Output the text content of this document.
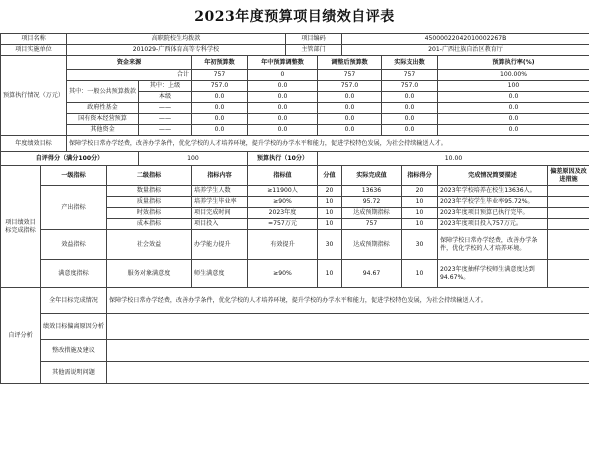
2023年度预算项目绩效自评表
项目名称		高职院校生均拨款					项目编码		45000022042010002267B				
项目实施单位		201029-广西体育高等专科学校					主管部门		201-广西壮族自治区教育厅				
预算执行情况（万元）		资金来源			年初预算数	年中预算调整数		调整后预算数		实际支出数		预算执行率(%)	
		合计			757	0		757		757		100.00%	
		其中：一般公共预算拨款		其中：上级	757.0	0.0		757.0		757.0		100	
				本级	0.0	0.0		0.0		0.0		0.0	
		政府性基金		——	0.0	0.0		0.0		0.0		0.0	
		国有资本经营预算		——	0.0	0.0		0.0		0.0		0.0	
		其他资金		——	0.0	0.0		0.0		0.0		0.0	
年度绩效目标		保障学校日常办学经费，改善办学条件，优化学校的人才培养环境，提升学校的办学水平和能力，促进学校特色发展，为社会持续输送人才。											
自评得分（满分100分）				100		预算执行（10分）		10.00					
项目绩效目标完成指标	一级指标		二级指标		指标内容	指标值		分值	实际完成值		指标得分	完成情况简要描述	偏差原因及改进措施
	产出指标		数量指标		培养学生人数	≥11900人		20	13636		20	2023年学校培养在校生13636人。	
			质量指标		培养学生毕业率	≥90%		10	95.72		10	2023年学校学生毕业率95.72%。	
			时效指标		项目完成时间	2023年度		10	达成预期指标		10	2023年度项目预算已执行完毕。	
			成本指标		项目投入	=757万元		10	757		10	2023年度项目投入757万元。	
	效益指标		社会效益		办学能力提升	有效提升		30	达成预期指标		30	保障学校日常办学经费，改善办学条件，优化学校的人才培养环境。	
	满意度指标		服务对象满意度		师生满意度	≥90%		10	94.67		10	2023年度抽样学校师生满意度达到94.67%。	
自评分析	全年目标完成情况		保障学校日常办学经费，改善办学条件，优化学校的人才培养环境，提升学校的办学水平和能力，促进学校特色发展，为社会持续输送人才。										
	绩效目标偏离原因分析												
	整改措施及建议												
	其他需说明问题												
